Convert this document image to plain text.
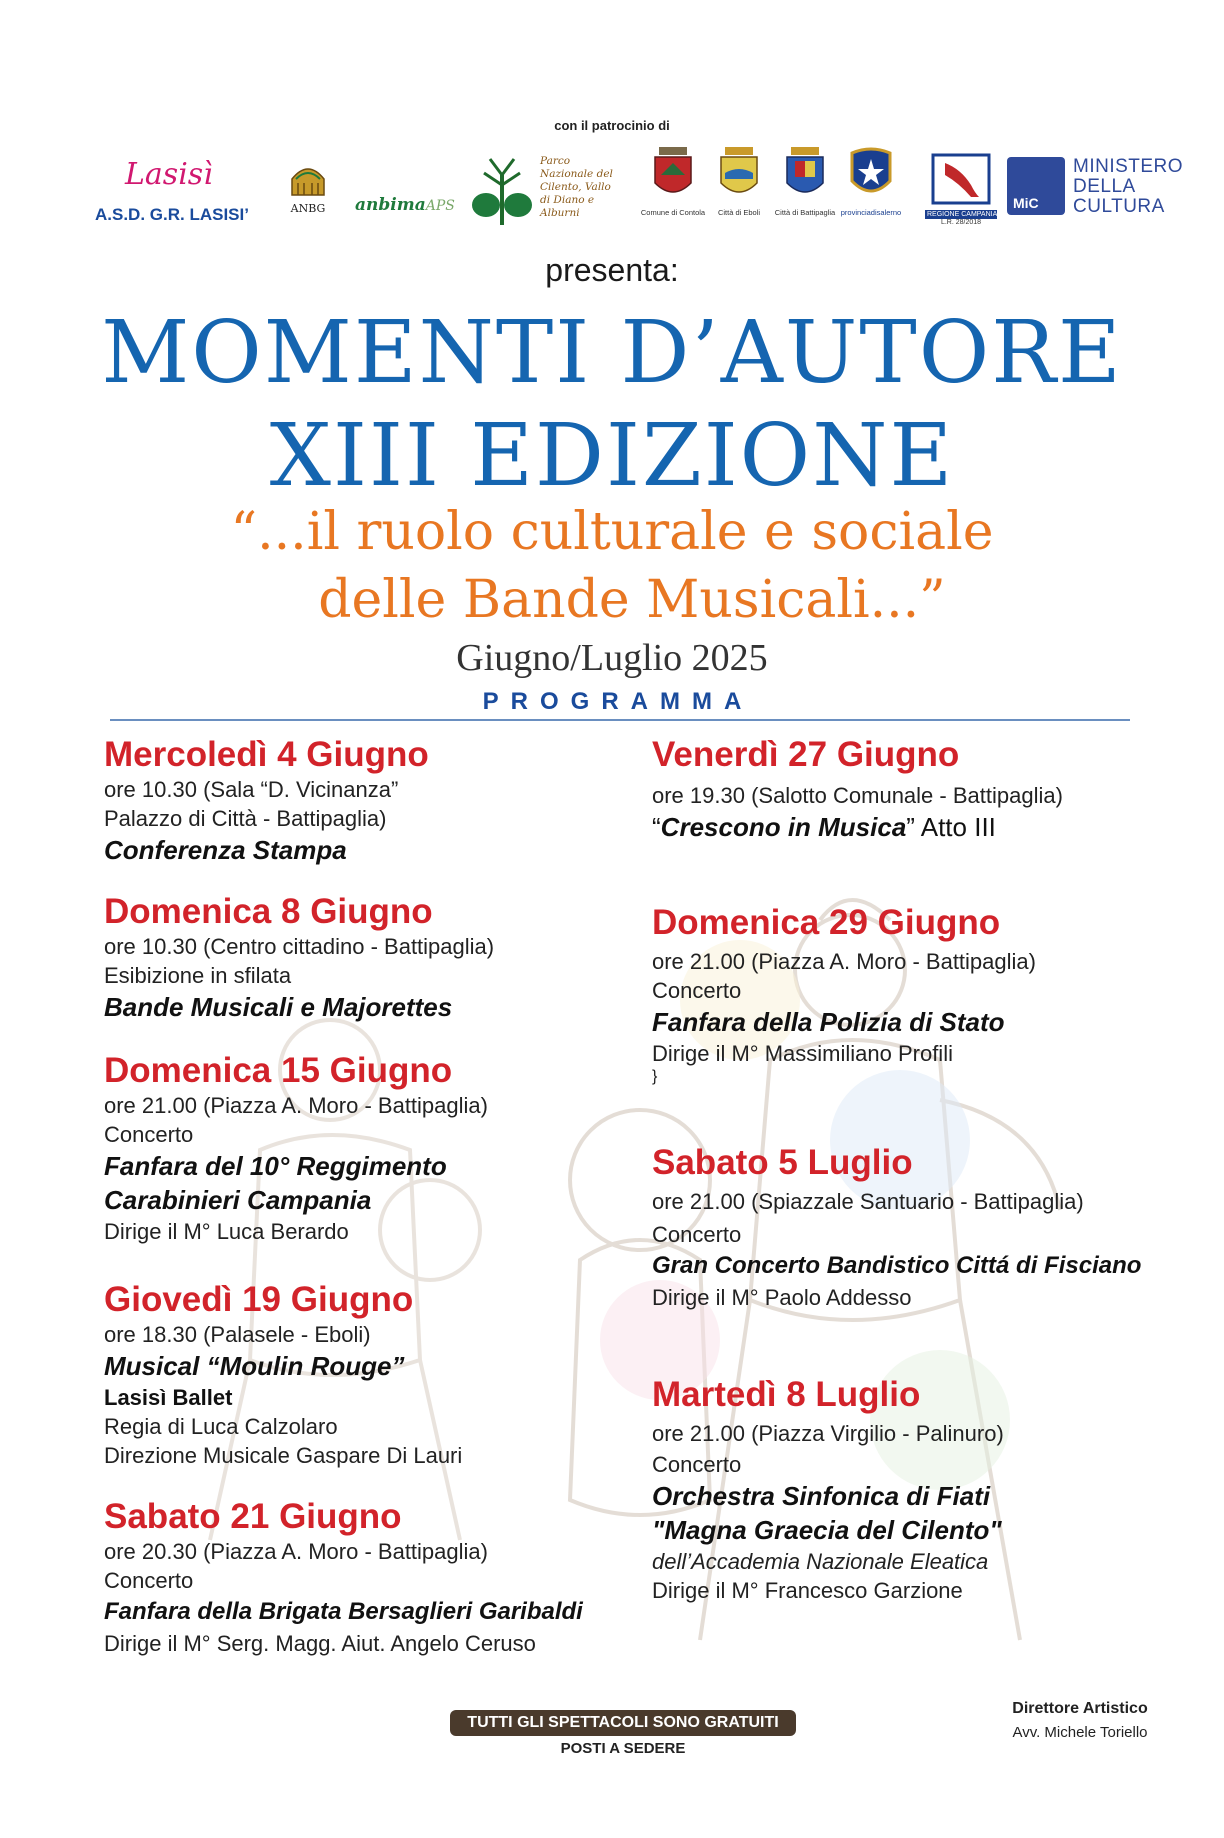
con il patrocinio di
Lasisì
A.S.D. G.R. LASISI’	ANBG	anbimaAPS
Parco Nazionale del Cilento, Vallo di Diano e Alburni	Comune di Contola	Città di Eboli	Città di Battipaglia provinciadisalerno	REGIONE CAMPANIA
L.R. 28/2018
MiC
MINISTERO
DELLA
CULTURA
presenta:
MOMENTI D’AUTORE
XIII EDIZIONE
“...il ruolo culturale e sociale
delle Bande Musicali...”
Giugno/Luglio 2025
PROGRAMMA
Mercoledì 4 Giugno
ore 10.30 (Sala “D. Vicinanza”
Palazzo di Città - Battipaglia)
Conferenza Stampa
Domenica 8 Giugno
ore 10.30 (Centro cittadino - Battipaglia)
Esibizione in sfilata
Bande Musicali e Majorettes
Domenica 15 Giugno
ore 21.00 (Piazza A. Moro - Battipaglia)
Concerto
Fanfara del 10° Reggimento
Carabinieri Campania
Dirige il M° Luca Berardo
Giovedì 19 Giugno
ore 18.30 (Palasele - Eboli)
Musical “Moulin Rouge”
Lasisì Ballet
Regia di Luca Calzolaro
Direzione Musicale Gaspare Di Lauri
Sabato 21 Giugno
ore 20.30 (Piazza A. Moro - Battipaglia)
Concerto
Fanfara della Brigata Bersaglieri Garibaldi
Dirige il M° Serg. Magg. Aiut. Angelo Ceruso
Venerdì 27 Giugno
ore 19.30 (Salotto Comunale - Battipaglia)
“Crescono in Musica” Atto III
Domenica 29 Giugno
ore 21.00 (Piazza A. Moro - Battipaglia)
Concerto
Fanfara della Polizia di Stato
Dirige il M° Massimiliano Profili
}
Sabato 5 Luglio
ore 21.00 (Spiazzale Santuario - Battipaglia)
Concerto
Gran Concerto Bandistico Cittá di Fisciano
Dirige il M° Paolo Addesso
Martedì 8 Luglio
ore 21.00 (Piazza Virgilio - Palinuro)
Concerto
Orchestra Sinfonica di Fiati
"Magna Graecia del Cilento"
dell’Accademia Nazionale Eleatica
Dirige il M° Francesco Garzione
TUTTI GLI SPETTACOLI SONO GRATUITI
POSTI A SEDERE
Direttore Artistico
Avv. Michele Toriello
